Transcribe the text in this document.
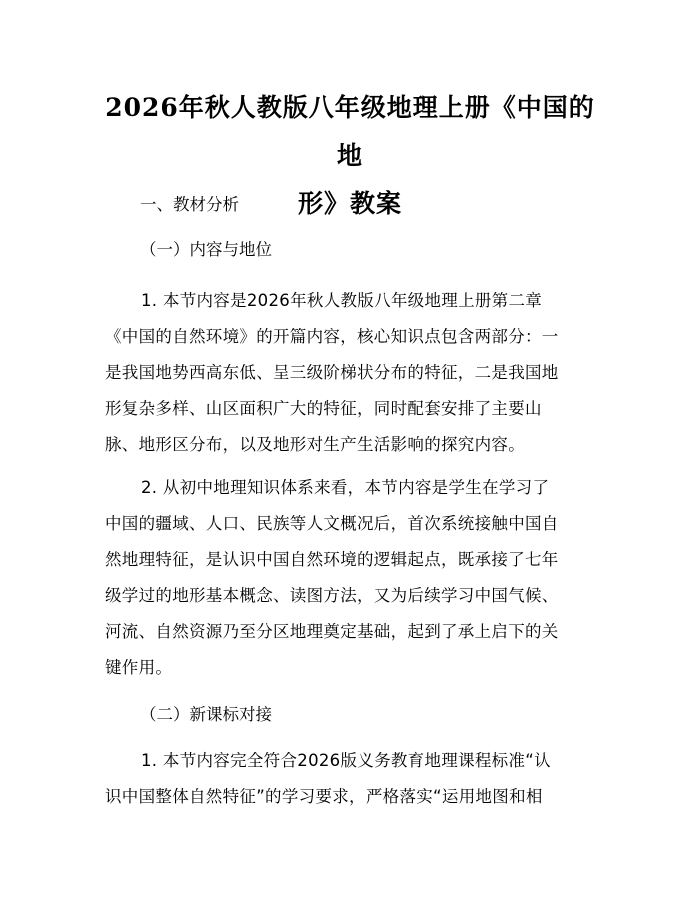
2026年秋人教版八年级地理上册《中国的地
形》教案

一、教材分析

（一）内容与地位

1. 本节内容是2026年秋人教版八年级地理上册第二章
《中国的自然环境》的开篇内容，核心知识点包含两部分：一
是我国地势西高东低、呈三级阶梯状分布的特征，二是我国地
形复杂多样、山区面积广大的特征，同时配套安排了主要山
脉、地形区分布，以及地形对生产生活影响的探究内容。
2. 从初中地理知识体系来看，本节内容是学生在学习了
中国的疆域、人口、民族等人文概况后，首次系统接触中国自
然地理特征，是认识中国自然环境的逻辑起点，既承接了七年
级学过的地形基本概念、读图方法，又为后续学习中国气候、
河流、自然资源乃至分区地理奠定基础，起到了承上启下的关
键作用。

（二）新课标对接

1. 本节内容完全符合2026版义务教育地理课程标准“认
识中国整体自然特征”的学习要求，严格落实“运用地图和相
